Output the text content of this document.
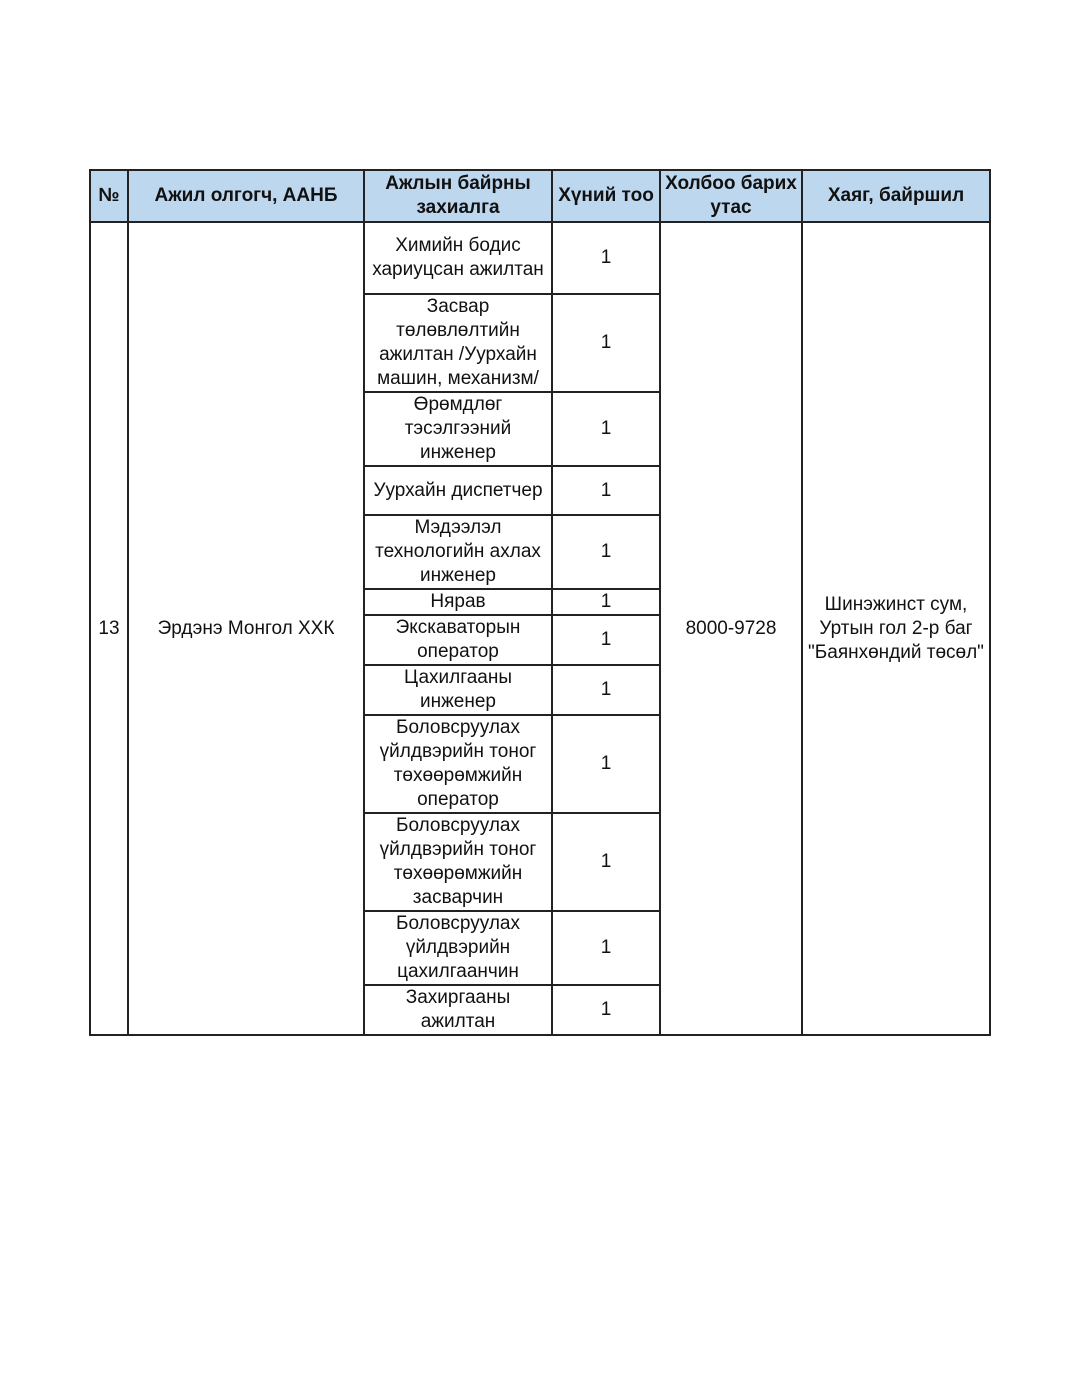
№	Ажил олгогч, ААНБ	Ажлын байрны захиалга	Хүний тоо	Холбоо барих утас	Хаяг, байршил
13	Эрдэнэ Монгол ХХК	Химийн бодис хариуцсан ажилтан	1	8000-9728	Шинэжинст сум, Уртын гол 2-р баг "Баянхөндий төсөл"
		Засвар төлөвлөлтийн ажилтан /Уурхайн машин, механизм/	1		
		Өрөмдлөг тэсэлгээний инженер	1		
		Уурхайн диспетчер	1		
		Мэдээлэл технологийн ахлах инженер	1		
		Нярав	1		
		Экскаваторын оператор	1		
		Цахилгааны инженер	1		
		Боловсруулах үйлдвэрийн тоног төхөөрөмжийн оператор	1		
		Боловсруулах үйлдвэрийн тоног төхөөрөмжийн засварчин	1		
		Боловсруулах үйлдвэрийн цахилгаанчин	1		
		Захиргааны ажилтан	1		
